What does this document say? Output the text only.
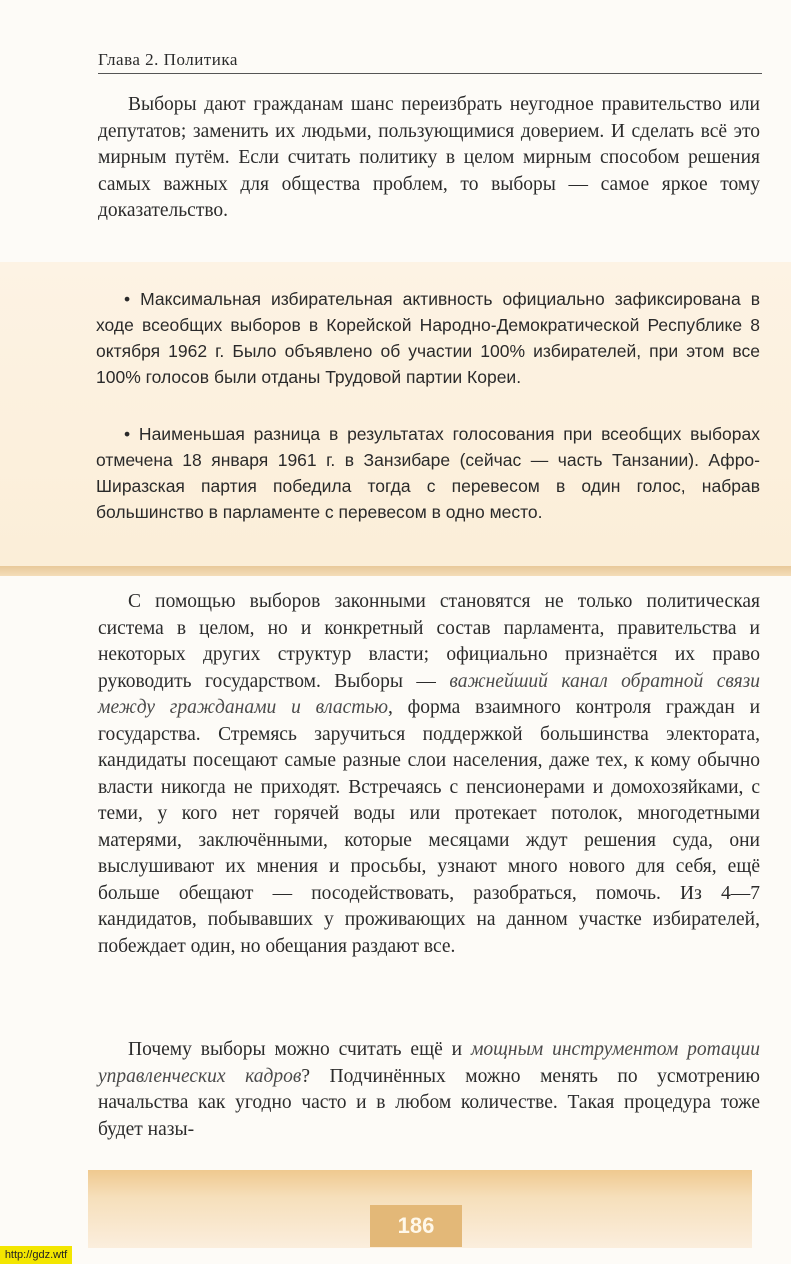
Глава 2. Политика

Выборы дают гражданам шанс переизбрать неугодное правительство или депутатов; заменить их людьми, пользующимися доверием. И сделать всё это мирным путём. Если считать политику в целом мирным способом решения самых важных для общества проблем, то выборы — самое яркое тому доказательство.

• Максимальная избирательная активность официально зафиксирована в ходе всеобщих выборов в Корейской Народно-Демократической Республике 8 октября 1962 г. Было объявлено об участии 100% избирателей, при этом все 100% голосов были отданы Трудовой партии Кореи.

• Наименьшая разница в результатах голосования при всеобщих выборах отмечена 18 января 1961 г. в Занзибаре (сейчас — часть Танзании). Афро-Ширазская партия победила тогда с перевесом в один голос, набрав большинство в парламенте с перевесом в одно место.

С помощью выборов законными становятся не только политическая система в целом, но и конкретный состав парламента, правительства и некоторых других структур власти; официально признаётся их право руководить государством. Выборы — важнейший канал обратной связи между гражданами и властью, форма взаимного контроля граждан и государства. Стремясь заручиться поддержкой большинства электората, кандидаты посещают самые разные слои населения, даже тех, к кому обычно власти никогда не приходят. Встречаясь с пенсионерами и домохозяйками, с теми, у кого нет горячей воды или протекает потолок, многодетными матерями, заключёнными, которые месяцами ждут решения суда, они выслушивают их мнения и просьбы, узнают много нового для себя, ещё больше обещают — посодействовать, разобраться, помочь. Из 4—7 кандидатов, побывавших у проживающих на данном участке избирателей, побеждает один, но обещания раздают все.

Почему выборы можно считать ещё и мощным инструментом ротации управленческих кадров? Подчинённых можно менять по усмотрению начальства как угодно часто и в любом количестве. Такая процедура тоже будет назы-

186
http://gdz.wtf
